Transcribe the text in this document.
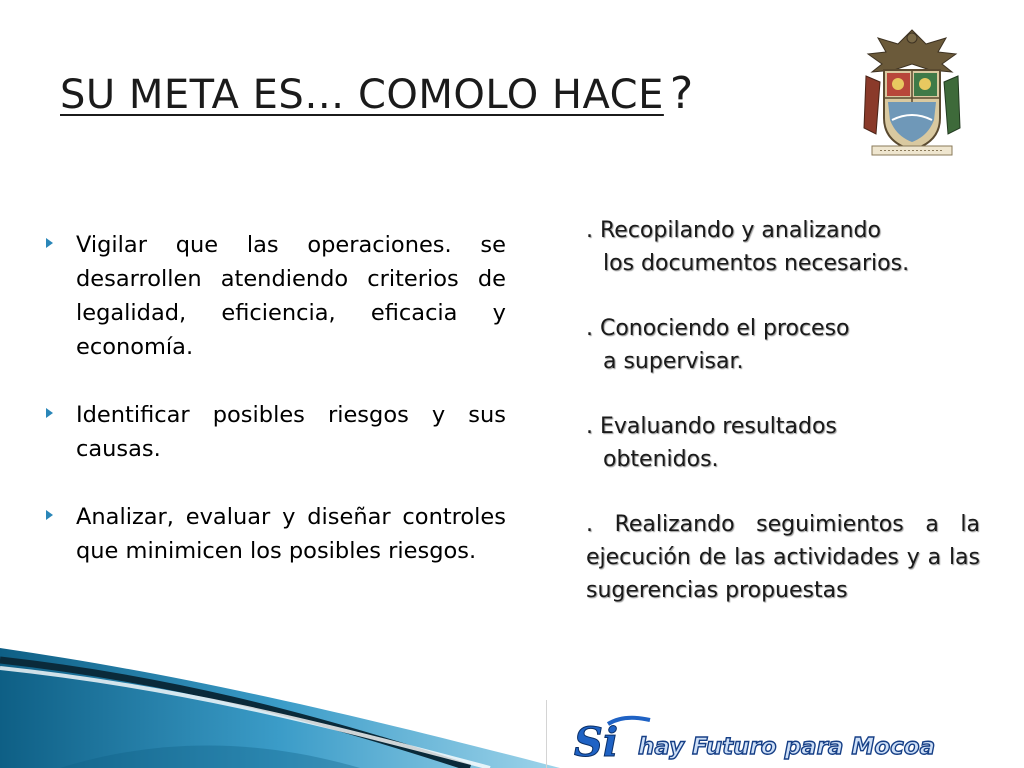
SU META ES… COMOLO HACE ?
Vigilar que las operaciones. se desarrollen atendiendo criterios de legalidad, eficiencia, eficacia y economía.
Identificar posibles riesgos y sus causas.
Analizar, evaluar y diseñar controles que minimicen los posibles riesgos.

. Recopilando y analizando
los documentos necesarios.

. Conociendo el proceso
a supervisar.

. Evaluando resultados
obtenidos.

. Realizando seguimientos a la ejecución de las actividades y a las sugerencias propuestas

Si hay Futuro para Mocoa
